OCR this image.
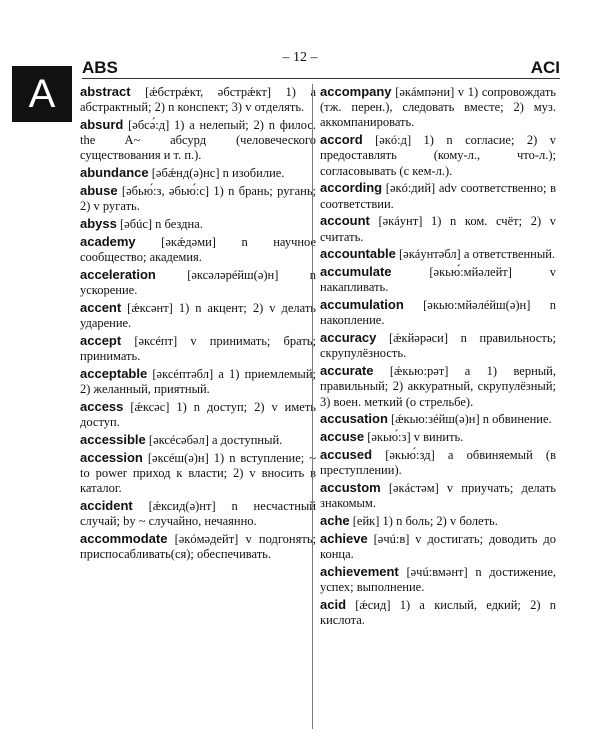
A
ABS
– 12 –
ACI

abstract [ǽбстрǽкт, ǝбстрǽкт] 1) a абстрактный; 2) n конспект; 3) v отделять.

absurd [ǝбсǝ́:д] 1) a нелепый; 2) n филос. the A~ абсурд (человеческого существования и т. п.).

abundance [ǝбǽнд(ǝ)нс] n изобилие.

abuse [ǝбью́:з, ǝбью́:с] 1) n брань; ругань; 2) v ругать.

abyss [ǝбúс] n бездна.

academy [ǝкǽдǝми] n научное сообщество; академия.

acceleration [ǝксǝлǝрéйш(ǝ)н] n ускорение.

accent [ǽксǝнт] 1) n акцент; 2) v делать ударение.

accept [ǝксéпт] v принимать; брать; принимать.

acceptable [ǝксéптǝбл] a 1) приемлемый; 2) желанный, приятный.

access [ǽксǝс] 1) n доступ; 2) v иметь доступ.

accessible [ǝксéсǝбǝл] a доступный.

accession [ǝксéш(ǝ)н] 1) n вступление; ~ to power приход к власти; 2) v вносить в каталог.

accident [ǽксид(ǝ)нт] n несчастный случай; by ~ случайно, нечаянно.

accommodate [ǝкóмǝдейт] v подгонять; приспосабливать(ся); обеспечивать.

accompany [ǝкáмпǝни] v 1) сопровождать (тж. перен.), следовать вместе; 2) муз. аккомпанировать.

accord [ǝкó:д] 1) n согласие; 2) v предоставлять (кому-л., что-л.); согласовывать (с кем-л.).

according [ǝкó:дий] adv соответственно; в соответствии.

account [ǝкáунт] 1) n ком. счёт; 2) v считать.

accountable [ǝкáунтǝбл] a ответственный.

accumulate [ǝкью́:мйǝлейт] v накапливать.

accumulation [ǝкью:мйǝлéйш(ǝ)н] n накопление.

accuracy [ǽкйǝрǝси] n правильность; скрупулёзность.

accurate [ǽкью:рǝт] a 1) верный, правильный; 2) аккуратный, скрупулёзный; 3) воен. меткий (о стрельбе).

accusation [ǽкью:зéйш(ǝ)н] n обвинение.

accuse [ǝкью́:з] v винить.

accused [ǝкью́:зд] a обвиняемый (в преступлении).

accustom [ǝкáстǝм] v приучать; делать знакомым.

ache [ейк] 1) n боль; 2) v болеть.

achieve [ǝчú:в] v достигать; доводить до конца.

achievement [ǝчú:вмǝнт] n достижение, успех; выполнение.

acid [ǽсид] 1) a кислый, едкий; 2) n кислота.
